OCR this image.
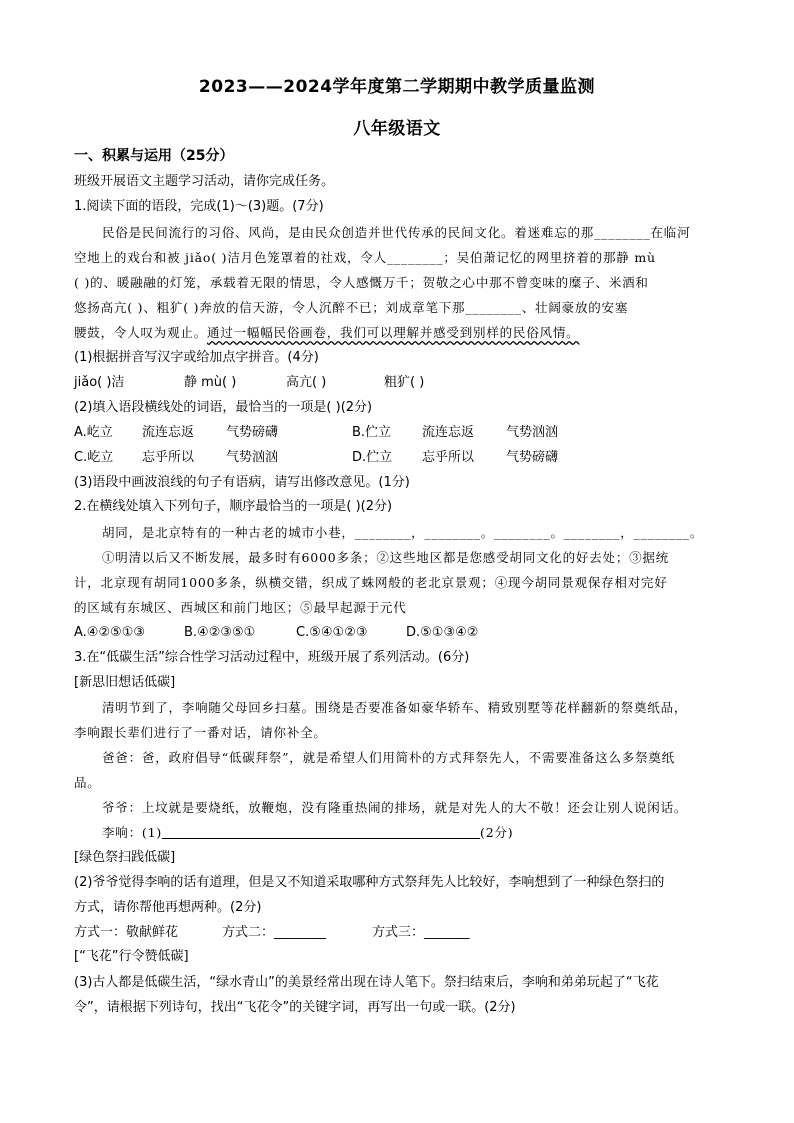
2023——2024学年度第二学期期中教学质量监测
八年级语文
一、积累与运用（25分）
班级开展语文主题学习活动，请你完成任务。
1.阅读下面的语段，完成(1)～(3)题。(7分)
民俗是民间流行的习俗、风尚，是由民众创造并世代传承的民间文化。着迷难忘的那________在临河
空地上的戏台和被 jiǎo( )洁月色笼罩着的社戏，令人________；吴伯萧记忆的网里挤着的那静 mù
( )的、暖融融的灯笼，承载着无限的情思，令人感慨万千；贺敬之心中那不曾变味的糜子、米酒和
悠扬高亢( )、粗犷( )奔放的信天游，令人沉醉不已；刘成章笔下那________、壮阔豪放的安塞
腰鼓，令人叹为观止。通过一幅幅民俗画卷，我们可以理解并感受到别样的民俗风情。
(1)根据拼音写汉字或给加点字拼音。(4分)
jiǎo( )洁	静 mù( )	高亢( )	粗犷( )
(2)填入语段横线处的词语，最恰当的一项是( )(2分)
A.屹立 流连忘返 气势磅礴	B.伫立 流连忘返 气势汹汹
C.屹立 忘乎所以 气势汹汹	D.伫立 忘乎所以 气势磅礴
(3)语段中画波浪线的句子有语病，请写出修改意见。(1分)
2.在横线处填入下列句子，顺序最恰当的一项是( )(2分)
胡同，是北京特有的一种古老的城市小巷，________，________。________。________，________。
①明清以后又不断发展，最多时有6000多条；②这些地区都是您感受胡同文化的好去处；③据统
计，北京现有胡同1000多条，纵横交错，织成了蛛网般的老北京景观；④现今胡同景观保存相对完好
的区域有东城区、西城区和前门地区；⑤最早起源于元代
A.④②⑤①③	B.④②③⑤①	C.⑤④①②③	D.⑤①③④②
3.在“低碳生活”综合性学习活动过程中，班级开展了系列活动。(6分)
[新思旧想话低碳]
清明节到了，李响随父母回乡扫墓。围绕是否要准备如豪华轿车、精致别墅等花样翻新的祭奠纸品，
李响跟长辈们进行了一番对话，请你补全。
爸爸：爸，政府倡导“低碳拜祭”，就是希望人们用简朴的方式拜祭先人，不需要准备这么多祭奠纸
品。
爷爷：上坟就是要烧纸，放鞭炮，没有隆重热闹的排场，就是对先人的大不敬！还会让别人说闲话。
李响：(1)	(2分)
[绿色祭扫践低碳]
(2)爷爷觉得李响的话有道理，但是又不知道采取哪种方式祭拜先人比较好，李响想到了一种绿色祭扫的
方式，请你帮他再想两种。(2分)
方式一：敬献鲜花	方式二：________	方式三：_______
[“飞花”行令赞低碳]
(3)古人都是低碳生活，“绿水青山”的美景经常出现在诗人笔下。祭扫结束后，李响和弟弟玩起了“飞花
令”，请根据下列诗句，找出“飞花令”的关键字词，再写出一句或一联。(2分)
